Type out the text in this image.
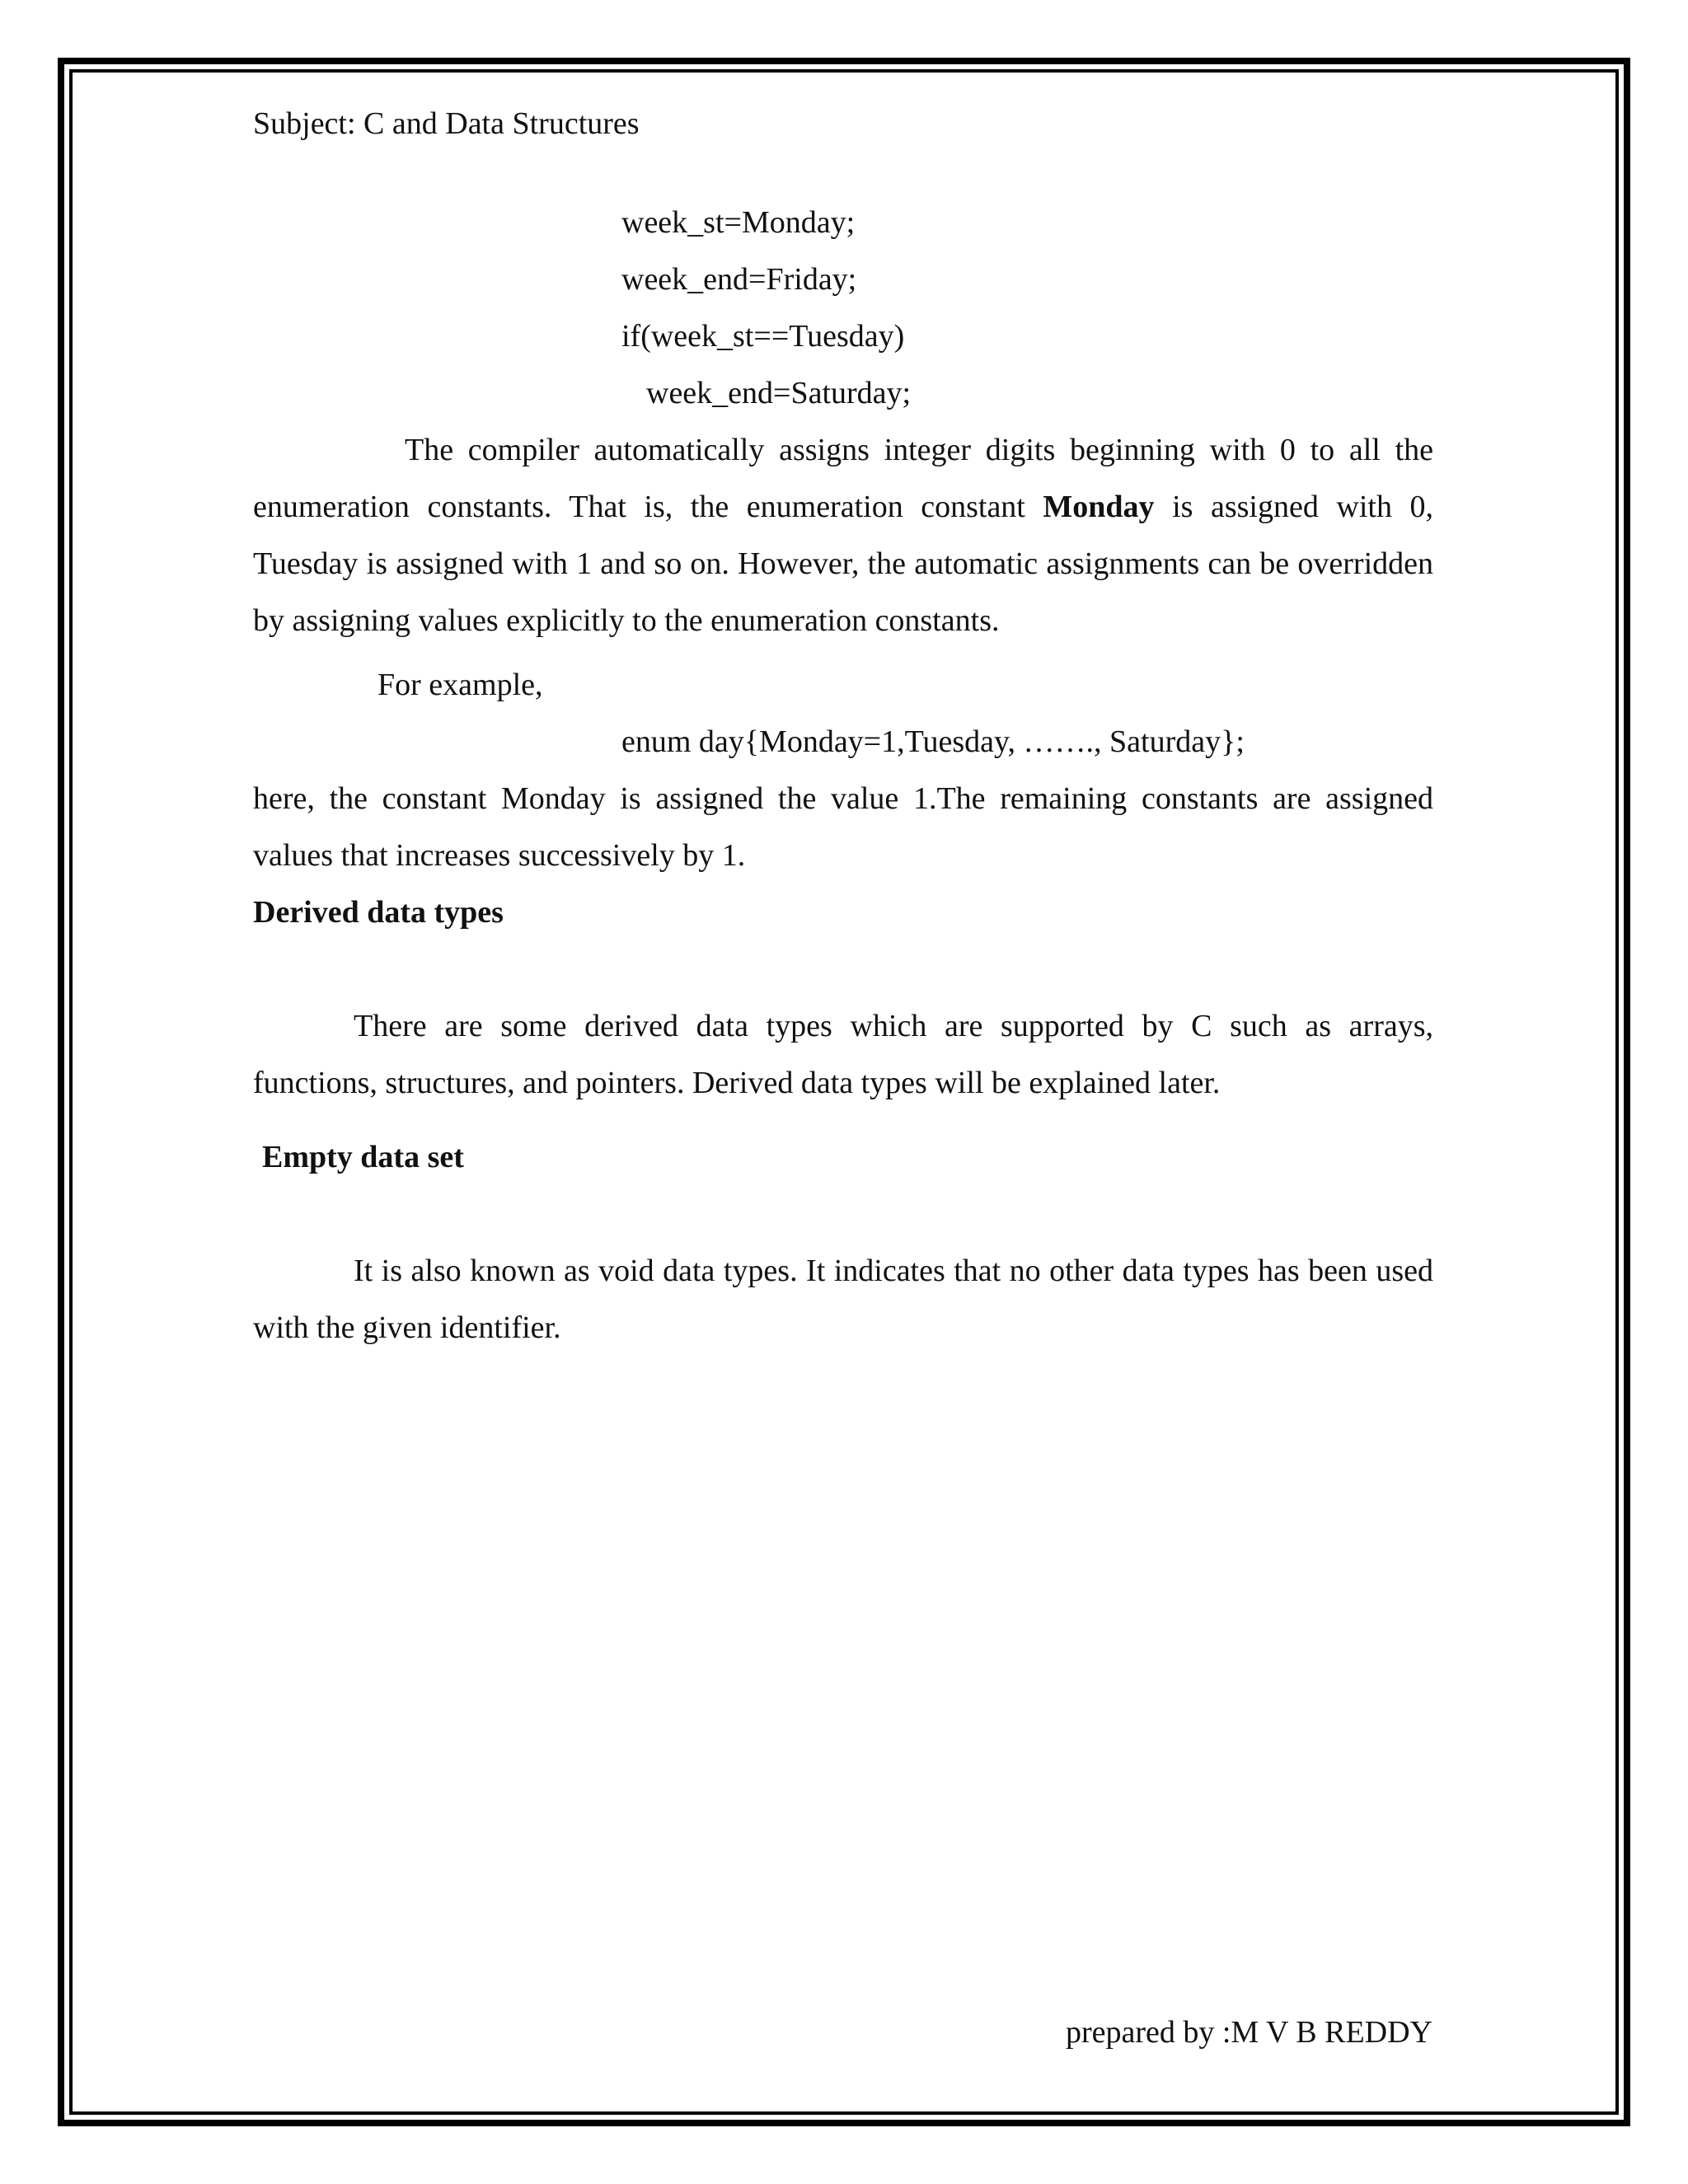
Subject: C and Data Structures

week_st=Monday;

week_end=Friday;

if(week_st==Tuesday)

week_end=Saturday;

The compiler automatically assigns integer digits beginning with 0 to all the enumeration constants. That is, the enumeration constant Monday is assigned with 0, Tuesday is assigned with 1 and so on. However, the automatic assignments can be overridden by assigning values explicitly to the enumeration constants.

For example,

enum day{Monday=1,Tuesday, ……., Saturday};

here, the constant Monday is assigned the value 1.The remaining constants are assigned values that increases successively by 1.

Derived data types

There are some derived data types which are supported by C such as arrays, functions, structures, and pointers. Derived data types will be explained later.

Empty data set

It is also known as void data types. It indicates that no other data types has been used with the given identifier.

prepared by :M V B REDDY
